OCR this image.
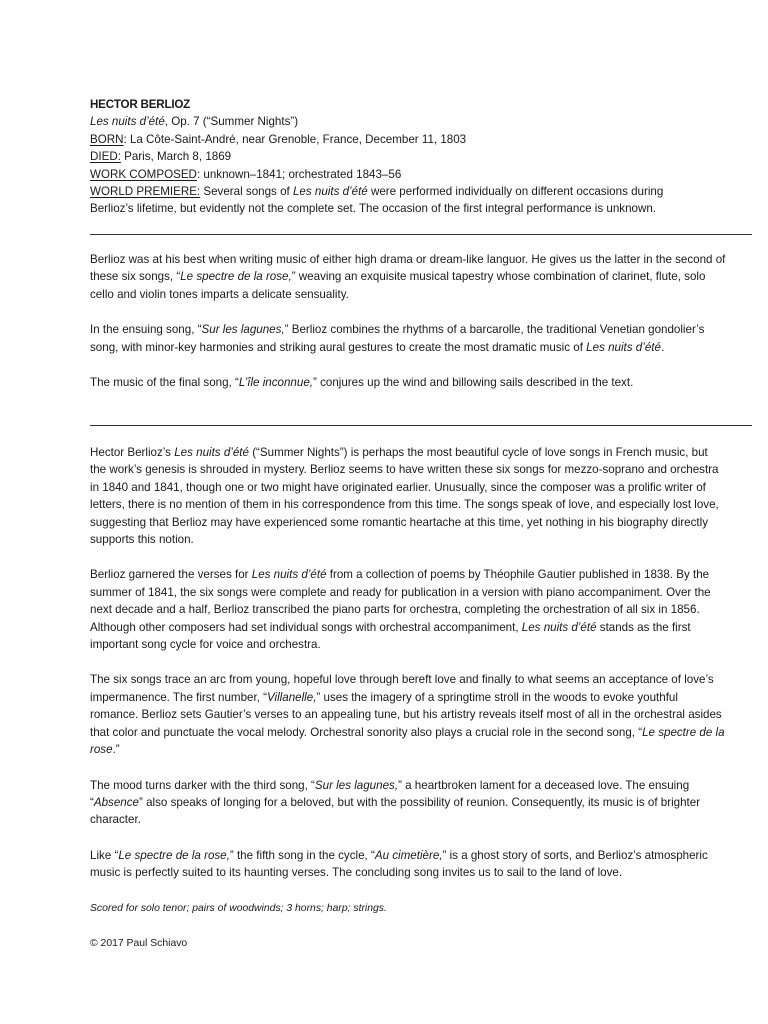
HECTOR BERLIOZ

Les nuits d’été, Op. 7 (“Summer Nights”)

BORN: La Côte-Saint-André, near Grenoble, France, December 11, 1803

DIED: Paris, March 8, 1869

WORK COMPOSED: unknown–1841; orchestrated 1843–56

WORLD PREMIERE: Several songs of Les nuits d’été were performed individually on different occasions during Berlioz’s lifetime, but evidently not the complete set. The occasion of the first integral performance is unknown.

Berlioz was at his best when writing music of either high drama or dream-like languor. He gives us the latter in the second of these six songs, “Le spectre de la rose,” weaving an exquisite musical tapestry whose combination of clarinet, flute, solo cello and violin tones imparts a delicate sensuality.

In the ensuing song, “Sur les lagunes,” Berlioz combines the rhythms of a barcarolle, the traditional Venetian gondolier’s song, with minor-key harmonies and striking aural gestures to create the most dramatic music of Les nuits d’été.

The music of the final song, “L’île inconnue,” conjures up the wind and billowing sails described in the text.

Hector Berlioz’s Les nuits d’été (“Summer Nights”) is perhaps the most beautiful cycle of love songs in French music, but the work’s genesis is shrouded in mystery. Berlioz seems to have written these six songs for mezzo-soprano and orchestra in 1840 and 1841, though one or two might have originated earlier. Unusually, since the composer was a prolific writer of letters, there is no mention of them in his correspondence from this time. The songs speak of love, and especially lost love, suggesting that Berlioz may have experienced some romantic heartache at this time, yet nothing in his biography directly supports this notion.

Berlioz garnered the verses for Les nuits d’été from a collection of poems by Théophile Gautier published in 1838. By the summer of 1841, the six songs were complete and ready for publication in a version with piano accompaniment. Over the next decade and a half, Berlioz transcribed the piano parts for orchestra, completing the orchestration of all six in 1856. Although other composers had set individual songs with orchestral accompaniment, Les nuits d’été stands as the first important song cycle for voice and orchestra.

The six songs trace an arc from young, hopeful love through bereft love and finally to what seems an acceptance of love’s impermanence. The first number, “Villanelle,” uses the imagery of a springtime stroll in the woods to evoke youthful romance. Berlioz sets Gautier’s verses to an appealing tune, but his artistry reveals itself most of all in the orchestral asides that color and punctuate the vocal melody. Orchestral sonority also plays a crucial role in the second song, “Le spectre de la rose.”

The mood turns darker with the third song, “Sur les lagunes,” a heartbroken lament for a deceased love. The ensuing “Absence” also speaks of longing for a beloved, but with the possibility of reunion. Consequently, its music is of brighter character.

Like “Le spectre de la rose,” the fifth song in the cycle, “Au cimetière,” is a ghost story of sorts, and Berlioz’s atmospheric music is perfectly suited to its haunting verses. The concluding song invites us to sail to the land of love.

Scored for solo tenor; pairs of woodwinds; 3 horns; harp; strings.

© 2017 Paul Schiavo
